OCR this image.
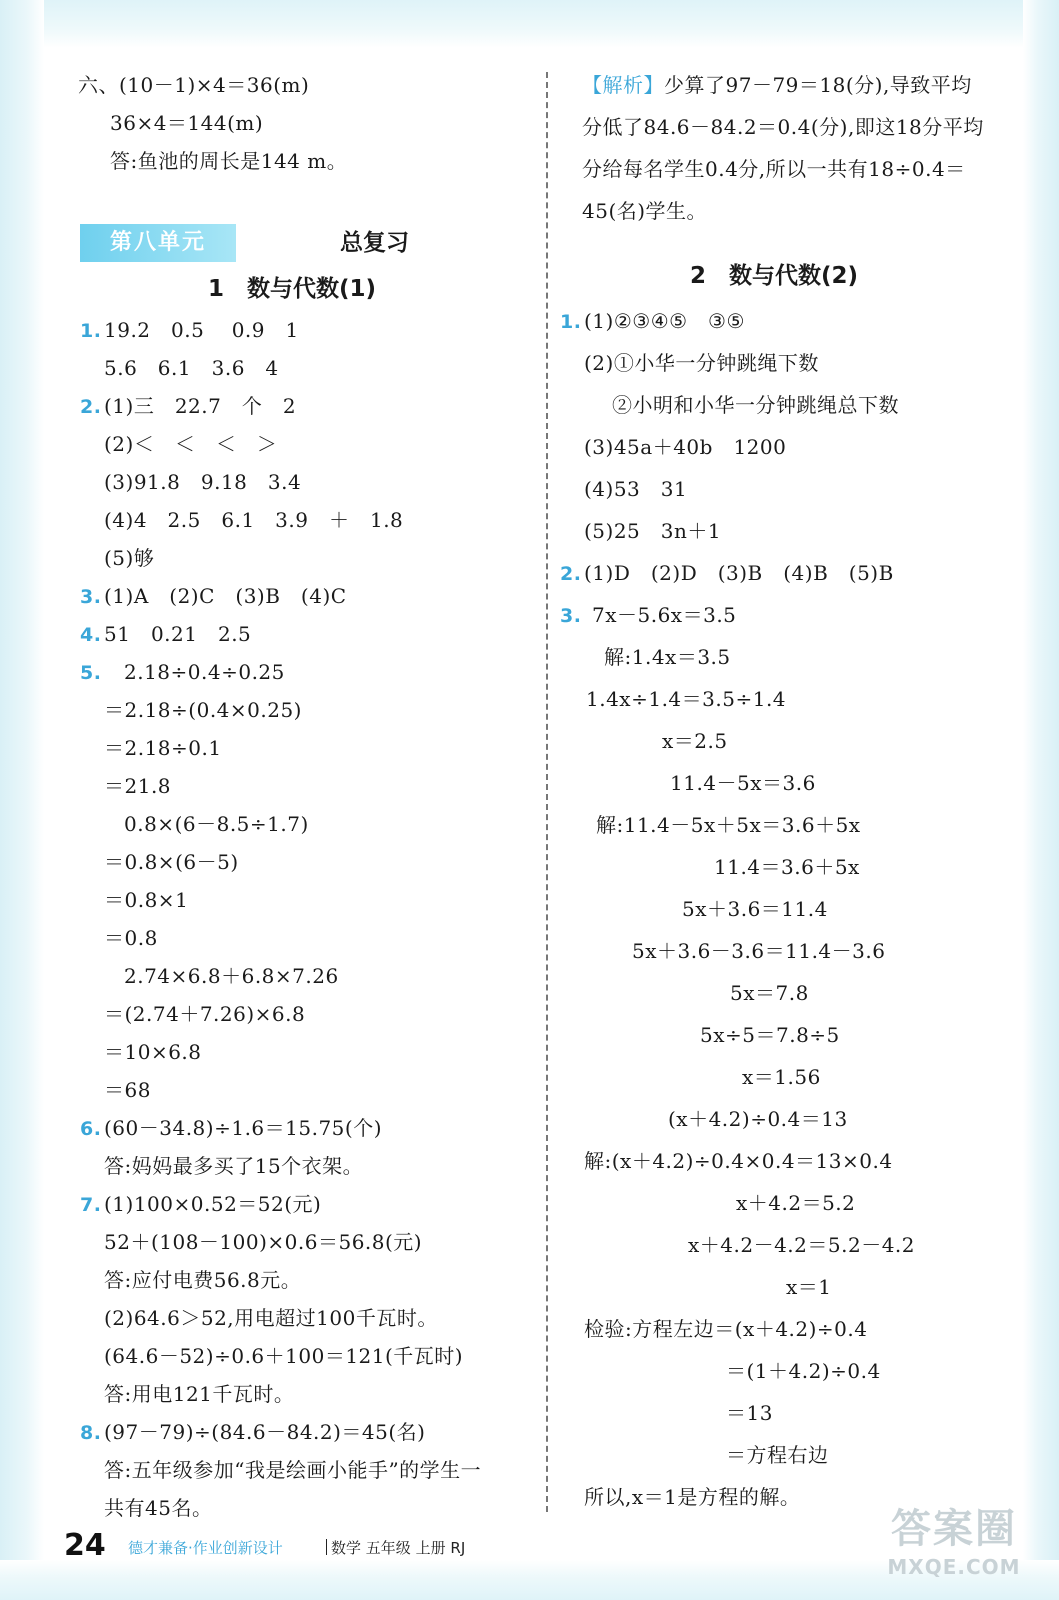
六、(10－1)×4＝36(m)
36×4＝144(m)
答:鱼池的周长是144 m。
第八单元	总复习
1　数与代数(1)
1. 19.2　0.5　 0.9　1
5.6　6.1　3.6　4
2. (1)三　22.7　个　2
(2)＜　＜　＜　＞
(3)91.8　9.18　3.4
(4)4　2.5　6.1　3.9　＋　1.8
(5)够
3. (1)A　(2)C　(3)B　(4)C
4. 51　0.21　2.5
5. 2.18÷0.4÷0.25
＝2.18÷(0.4×0.25)
＝2.18÷0.1
＝21.8
0.8×(6－8.5÷1.7)
＝0.8×(6－5)
＝0.8×1
＝0.8
2.74×6.8＋6.8×7.26
＝(2.74＋7.26)×6.8
＝10×6.8
＝68
6. (60－34.8)÷1.6＝15.75(个)
答:妈妈最多买了15个衣架。
7. (1)100×0.52＝52(元)
52＋(108－100)×0.6＝56.8(元)
答:应付电费56.8元。
(2)64.6＞52,用电超过100千瓦时。
(64.6－52)÷0.6＋100＝121(千瓦时)
答:用电121千瓦时。
8. (97－79)÷(84.6－84.2)＝45(名)
答:五年级参加“我是绘画小能手”的学生一
共有45名。
【解析】少算了97－79＝18(分),导致平均
分低了84.6－84.2＝0.4(分),即这18分平均
分给每名学生0.4分,所以一共有18÷0.4＝
45(名)学生。
2　数与代数(2)
1. (1)②③④⑤　③⑤
(2)①小华一分钟跳绳下数
②小明和小华一分钟跳绳总下数
(3)45a＋40b　1200
(4)53　31
(5)25　3n＋1
2. (1)D　(2)D　(3)B　(4)B　(5)B
3. 7x－5.6x＝3.5
解:1.4x＝3.5
1.4x÷1.4＝3.5÷1.4
x＝2.5
11.4－5x＝3.6
解:11.4－5x＋5x＝3.6＋5x
11.4＝3.6＋5x
5x＋3.6＝11.4
5x＋3.6－3.6＝11.4－3.6
5x＝7.8
5x÷5＝7.8÷5
x＝1.56
(x＋4.2)÷0.4＝13
解:(x＋4.2)÷0.4×0.4＝13×0.4
x＋4.2＝5.2
x＋4.2－4.2＝5.2－4.2
x＝1
检验:方程左边＝(x＋4.2)÷0.4
＝(1＋4.2)÷0.4
＝13
＝方程右边
所以,x＝1是方程的解。
24 德才兼备·作业创新设计	数学 五年级 上册 RJ	答案圈
MXQE.COM
